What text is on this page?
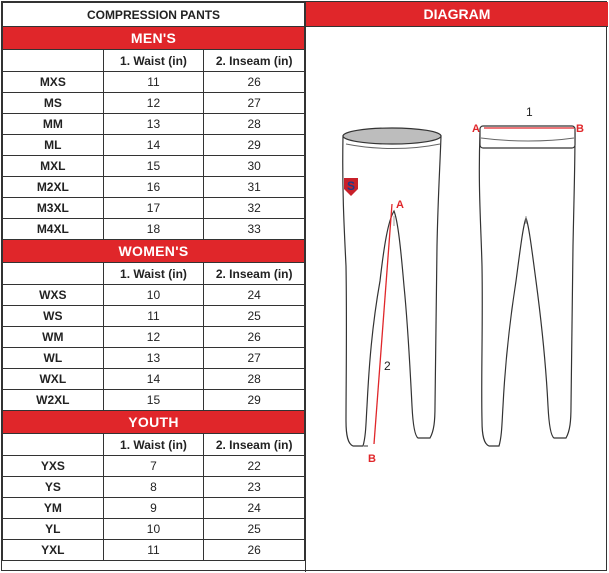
COMPRESSION PANTS		
MEN'S		
	1. Waist (in)	2. Inseam (in)
MXS	11	26
MS	12	27
MM	13	28
ML	14	29
MXL	15	30
M2XL	16	31
M3XL	17	32
M4XL	18	33
WOMEN'S		
	1. Waist (in)	2. Inseam (in)
WXS	10	24
WS	11	25
WM	12	26
WL	13	27
WXL	14	28
W2XL	15	29
YOUTH		
	1. Waist (in)	2. Inseam (in)
YXS	7	22
YS	8	23
YM	9	24
YL	10	25
YXL	11	26
DIAGRAM
S
A
2
B
A
1
B
